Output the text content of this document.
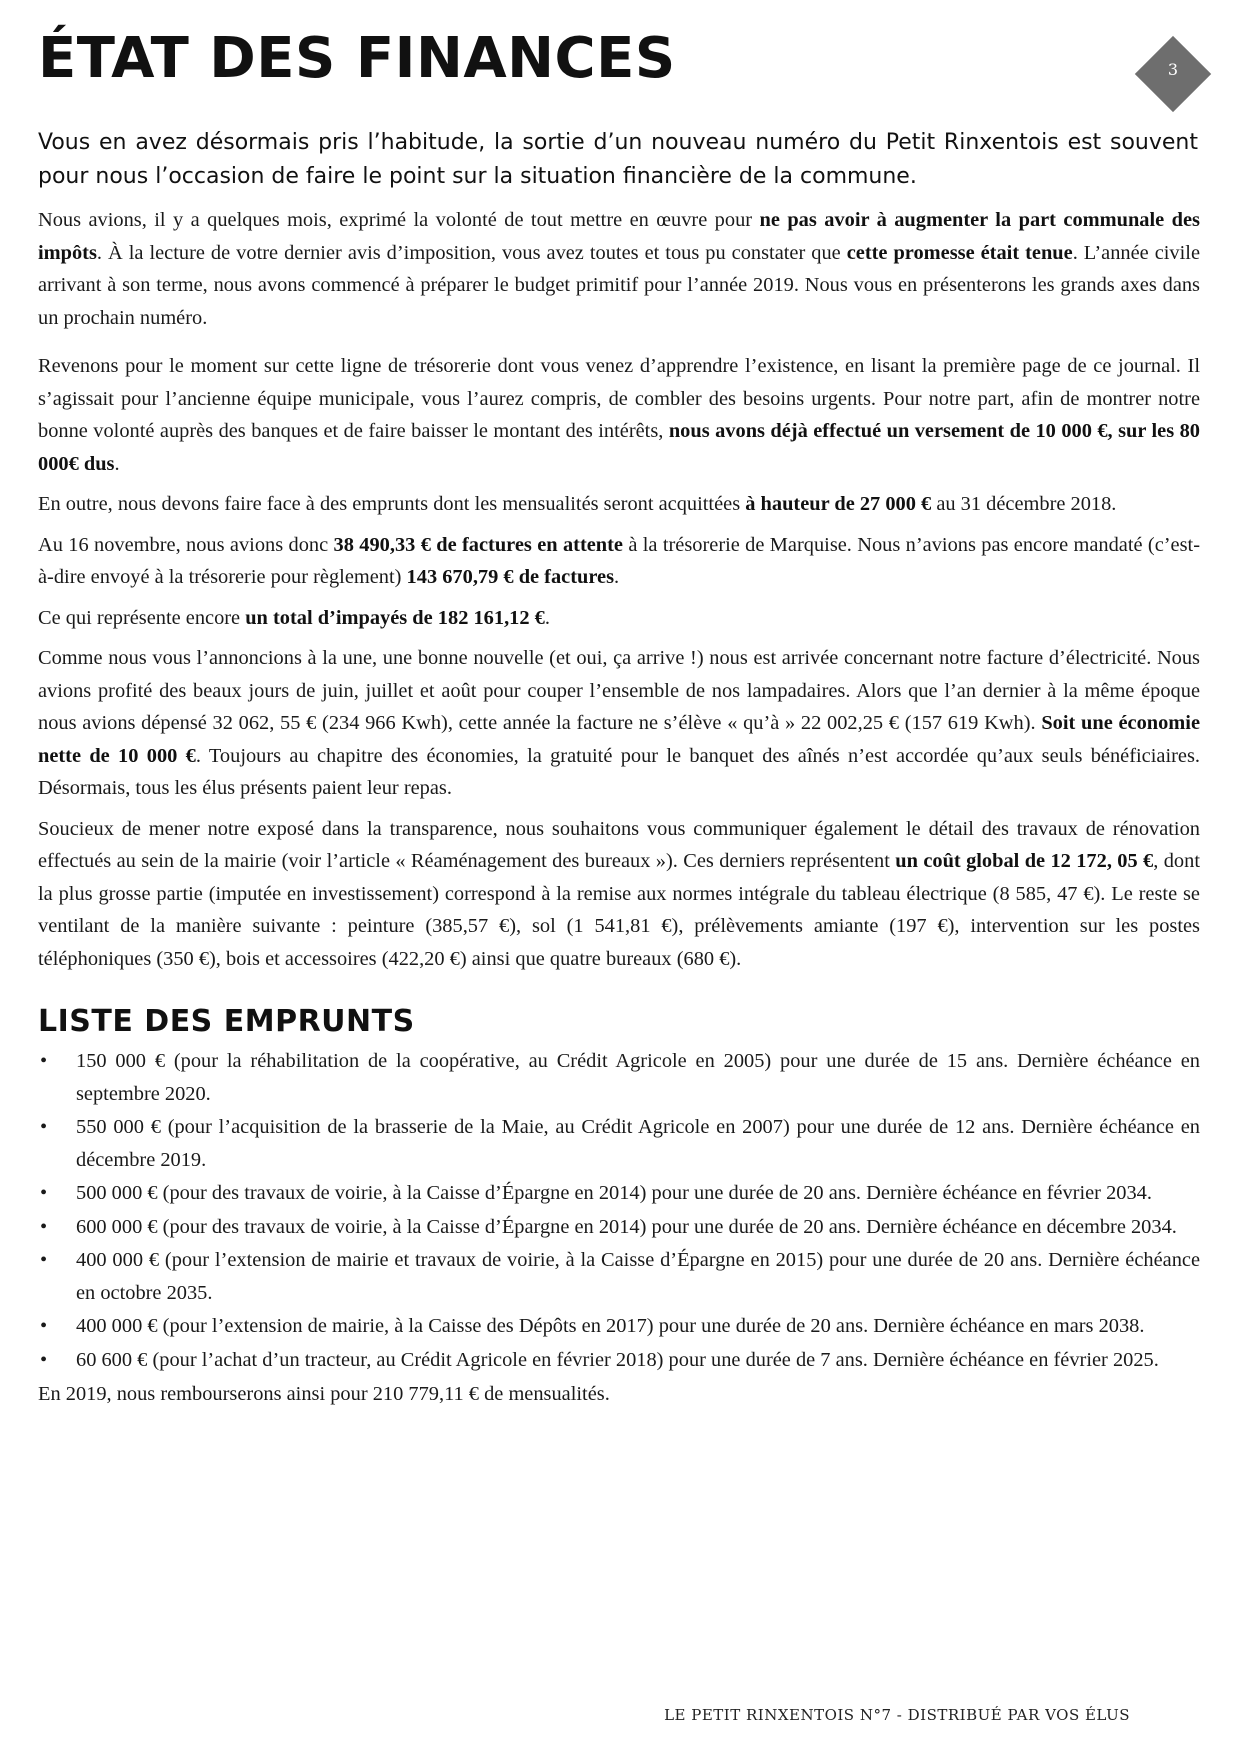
ÉTAT DES FINANCES	3

Vous en avez désormais pris l’habitude, la sortie d’un nouveau numéro du Petit Rinxentois est souvent pour nous l’occasion de faire le point sur la situation financière de la commune.

Nous avions, il y a quelques mois, exprimé la volonté de tout mettre en œuvre pour ne pas avoir à augmenter la part communale des impôts. À la lecture de votre dernier avis d’imposition, vous avez toutes et tous pu constater que cette promesse était tenue. L’année civile arrivant à son terme, nous avons commencé à préparer le budget primitif pour l’année 2019. Nous vous en présenterons les grands axes dans un prochain numéro.

Revenons pour le moment sur cette ligne de trésorerie dont vous venez d’apprendre l’existence, en lisant la première page de ce journal. Il s’agissait pour l’ancienne équipe municipale, vous l’aurez compris, de combler des besoins urgents. Pour notre part, afin de montrer notre bonne volonté auprès des banques et de faire baisser le montant des intérêts, nous avons déjà effectué un versement de 10 000 €, sur les 80 000€ dus.

En outre, nous devons faire face à des emprunts dont les mensualités seront acquittées à hauteur de 27 000 € au 31 décembre 2018.

Au 16 novembre, nous avions donc 38 490,33 € de factures en attente à la trésorerie de Marquise. Nous n’avions pas encore mandaté (c’est-à-dire envoyé à la trésorerie pour règlement) 143 670,79 € de factures.

Ce qui représente encore un total d’impayés de 182 161,12 €.

Comme nous vous l’annoncions à la une, une bonne nouvelle (et oui, ça arrive !) nous est arrivée concernant notre facture d’électricité. Nous avions profité des beaux jours de juin, juillet et août pour couper l’ensemble de nos lampadaires. Alors que l’an dernier à la même époque nous avions dépensé 32 062, 55 € (234 966 Kwh), cette année la facture ne s’élève « qu’à » 22 002,25 € (157 619 Kwh). Soit une économie nette de 10 000 €. Toujours au chapitre des économies, la gratuité pour le banquet des aînés n’est accordée qu’aux seuls bénéficiaires. Désormais, tous les élus présents paient leur repas.

Soucieux de mener notre exposé dans la transparence, nous souhaitons vous communiquer également le détail des travaux de rénovation effectués au sein de la mairie (voir l’article « Réaménagement des bureaux »). Ces derniers représentent un coût global de 12 172, 05 €, dont la plus grosse partie (imputée en investissement) correspond à la remise aux normes intégrale du tableau électrique (8 585, 47 €). Le reste se ventilant de la manière suivante : peinture (385,57 €), sol (1 541,81 €), prélèvements amiante (197 €), intervention sur les postes téléphoniques (350 €), bois et accessoires (422,20 €) ainsi que quatre bureaux (680 €).

LISTE DES EMPRUNTS
• 150 000 € (pour la réhabilitation de la coopérative, au Crédit Agricole en 2005) pour une durée de 15 ans. Dernière échéance en septembre 2020.
• 550 000 € (pour l’acquisition de la brasserie de la Maie, au Crédit Agricole en 2007) pour une durée de 12 ans. Dernière échéance en décembre 2019.
• 500 000 € (pour des travaux de voirie, à la Caisse d’Épargne en 2014) pour une durée de 20 ans. Dernière échéance en février 2034.
• 600 000 € (pour des travaux de voirie, à la Caisse d’Épargne en 2014) pour une durée de 20 ans. Dernière échéance en décembre 2034.
• 400 000 € (pour l’extension de mairie et travaux de voirie, à la Caisse d’Épargne en 2015) pour une durée de 20 ans. Dernière échéance en octobre 2035.
• 400 000 € (pour l’extension de mairie, à la Caisse des Dépôts en 2017) pour une durée de 20 ans. Dernière échéance en mars 2038.
• 60 600 € (pour l’achat d’un tracteur, au Crédit Agricole en février 2018) pour une durée de 7 ans. Dernière échéance en février 2025.

En 2019, nous rembourserons ainsi pour 210 779,11 € de mensualités.

LE PETIT RINXENTOIS N°7 - DISTRIBUÉ PAR VOS ÉLUS
